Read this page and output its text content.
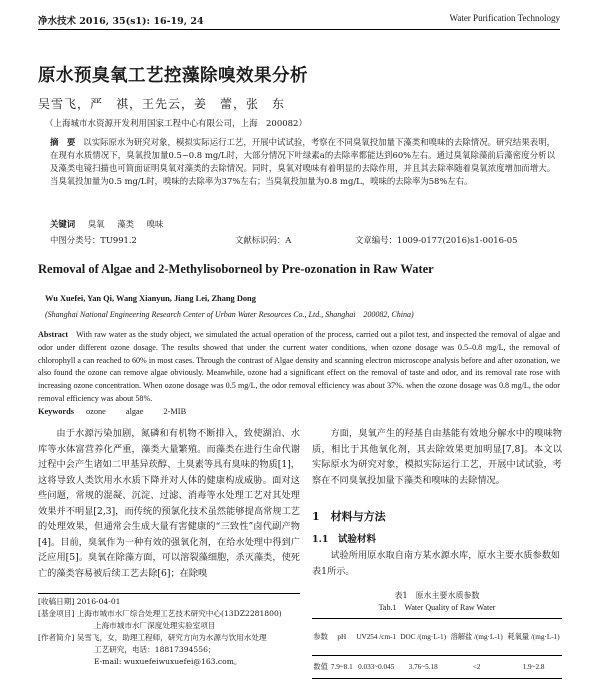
净水技术 2016, 35(s1): 16-19, 24	Water Purification Technology
原水预臭氧工艺控藻除嗅效果分析
吴雪飞，严　祺，王先云，姜　蕾，张　东
（上海城市水资源开发利用国家工程中心有限公司，上海　200082）
摘　要 以实际原水为研究对象，模拟实际运行工艺，开展中试试验，考察在不同臭氧投加量下藻类和嗅味的去除情况。研究结果表明，在现有水质情况下，臭氧投加量0.5~0.8 mg/L时，大部分情况下叶绿素a的去除率都能达到60%左右。通过臭氧除藻前后藻密度分析以及藻类电镜扫描也可简面证明臭氧对藻类的去除情况。同时，臭氧对嗅味有着明显的去除作用，并且其去除率随着臭氧浓度增加而增大。当臭氧投加量为0.5 mg/L时，嗅味的去除率为37%左右；当臭氧投加量为0.8 mg/L，嗅味的去除率为58%左右。
关键词 臭氧 藻类 嗅味
中图分类号：TU991.2	文献标识码：A	文章编号：1009-0177(2016)s1-0016-05
Removal of Algae and 2-Methylisoborneol by Pre-ozonation in Raw Water
Wu Xuefei, Yan Qi, Wang Xianyun, Jiang Lei, Zhang Dong
(Shanghai National Engineering Research Center of Urban Water Resources Co., Ltd., Shanghai　200082, China)
Abstract With raw water as the study object, we simulated the actual operation of the process, carried out a pilot test, and inspected the removal of algae and odor under different ozone dosage. The results showed that under the current water conditions, when ozone dosage was 0.5–0.8 mg/L, the removal of chlorophyll a can reached to 60% in most cases. Through the contrast of Algae density and scanning electron microscope analysis before and after ozonation, we also found the ozone can remove algae obviously. Meanwhile, ozone had a significant effect on the removal of taste and odor, and its removal rate rose with increasing ozone concentration. When ozone dosage was 0.5 mg/L, the odor removal efficiency was about 37%. when the ozone dosage was 0.8 mg/L, the odor removal efficiency was about 58%.
Keywords ozone algae 2-MIB
由于水源污染加剧，氮磷和有机物不断排入，致使湖泊、水库等水体富营养化严重，藻类大量繁殖。而藻类在进行生命代谢过程中会产生诸如二甲基异莰醇、土臭素等具有臭味的物质[1]，这将导致人类饮用水水质下降并对人体的健康构成威胁。面对这些问题，常规的混凝、沉淀、过滤、消毒等水处理工艺对其处理效果并不明显[2,3]，而传统的预氯化技术虽然能够提高常规工艺的处理效果，但通常会生成大量有害健康的“三致性”卤代副产物[4]。目前，臭氧作为一种有效的强氧化剂，在给水处理中得到广泛应用[5]。臭氧在除藻方面，可以溶裂藻细胞，杀灭藻类，使死亡的藻类容易被后续工艺去除[6]；在除嗅
方面，臭氧产生的羟基自由基能有效地分解水中的嗅味物质，相比于其他氧化剂，其去除效果更加明显[7,8]。本文以实际原水为研究对象，模拟实际运行工艺，开展中试试验，考察在不同臭氧投加量下藻类和嗅味的去除情况。
1　材料与方法
1.1　试验材料
试验所用原水取自南方某水源水库，原水主要水质参数如表1所示。
表1　原水主要水质参数
Tab.1　Water Quality of Raw Water
参数	pH	UV254 /cm-1	DOC /(mg·L-1)	溶解盐 /(mg·L-1)	耗氧量 /(mg·L-1)
数值	7.9~8.1	0.033~0.045	3.76~5.18	<2	1.9~2.8
[收稿日期] 2016-04-01
[基金项目] 上海市城市水厂综合处理工艺技术研究中心(13DZ2281800)
上海市城市水厂深度处理实验室项目
[作者简介] 吴雪飞，女，助理工程师，研究方向为水源与饮用水处理
工艺研究，电话：18817394556；
E-mail: wuxuefeiwuxuefei@163.com。
